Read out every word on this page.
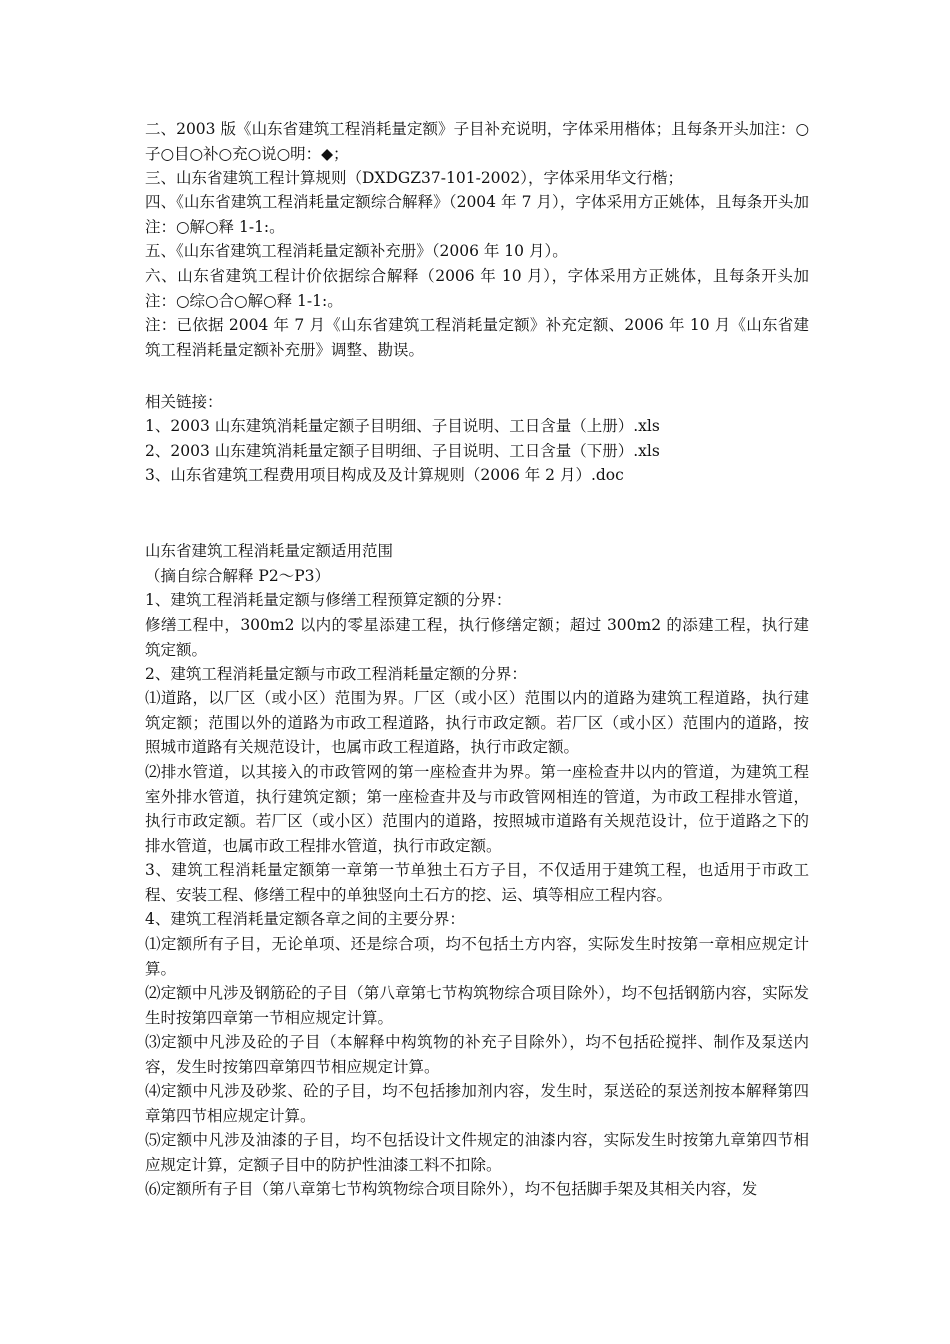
二、2003 版《山东省建筑工程消耗量定额》子目补充说明，字体采用楷体；且每条开头加注：○子○目○补○充○说○明：◆；

三、山东省建筑工程计算规则（DXDGZ37-101-2002），字体采用华文行楷；

四、《山东省建筑工程消耗量定额综合解释》（2004 年 7 月），字体采用方正姚体，且每条开头加注：○解○释 1-1:。

五、《山东省建筑工程消耗量定额补充册》（2006 年 10 月）。

六、山东省建筑工程计价依据综合解释（2006 年 10 月），字体采用方正姚体，且每条开头加注：○综○合○解○释 1-1:。

注：已依据 2004 年 7 月《山东省建筑工程消耗量定额》补充定额、2006 年 10 月《山东省建筑工程消耗量定额补充册》调整、勘误。

相关链接：

1、2003 山东建筑消耗量定额子目明细、子目说明、工日含量（上册）.xls

2、2003 山东建筑消耗量定额子目明细、子目说明、工日含量（下册）.xls

3、山东省建筑工程费用项目构成及及计算规则（2006 年 2 月）.doc

山东省建筑工程消耗量定额适用范围

（摘自综合解释 P2～P3）

1、建筑工程消耗量定额与修缮工程预算定额的分界：

修缮工程中，300m2 以内的零星添建工程，执行修缮定额；超过 300m2 的添建工程，执行建筑定额。

2、建筑工程消耗量定额与市政工程消耗量定额的分界：

⑴道路，以厂区（或小区）范围为界。厂区（或小区）范围以内的道路为建筑工程道路，执行建筑定额；范围以外的道路为市政工程道路，执行市政定额。若厂区（或小区）范围内的道路，按照城市道路有关规范设计，也属市政工程道路，执行市政定额。

⑵排水管道，以其接入的市政管网的第一座检查井为界。第一座检查井以内的管道，为建筑工程室外排水管道，执行建筑定额；第一座检查井及与市政管网相连的管道，为市政工程排水管道，执行市政定额。若厂区（或小区）范围内的道路，按照城市道路有关规范设计，位于道路之下的排水管道，也属市政工程排水管道，执行市政定额。

3、建筑工程消耗量定额第一章第一节单独土石方子目，不仅适用于建筑工程，也适用于市政工程、安装工程、修缮工程中的单独竖向土石方的挖、运、填等相应工程内容。

4、建筑工程消耗量定额各章之间的主要分界：

⑴定额所有子目，无论单项、还是综合项，均不包括土方内容，实际发生时按第一章相应规定计算。

⑵定额中凡涉及钢筋砼的子目（第八章第七节构筑物综合项目除外），均不包括钢筋内容，实际发生时按第四章第一节相应规定计算。

⑶定额中凡涉及砼的子目（本解释中构筑物的补充子目除外），均不包括砼搅拌、制作及泵送内容，发生时按第四章第四节相应规定计算。

⑷定额中凡涉及砂浆、砼的子目，均不包括掺加剂内容，发生时，泵送砼的泵送剂按本解释第四章第四节相应规定计算。

⑸定额中凡涉及油漆的子目，均不包括设计文件规定的油漆内容，实际发生时按第九章第四节相应规定计算，定额子目中的防护性油漆工料不扣除。

⑹定额所有子目（第八章第七节构筑物综合项目除外），均不包括脚手架及其相关内容，发
